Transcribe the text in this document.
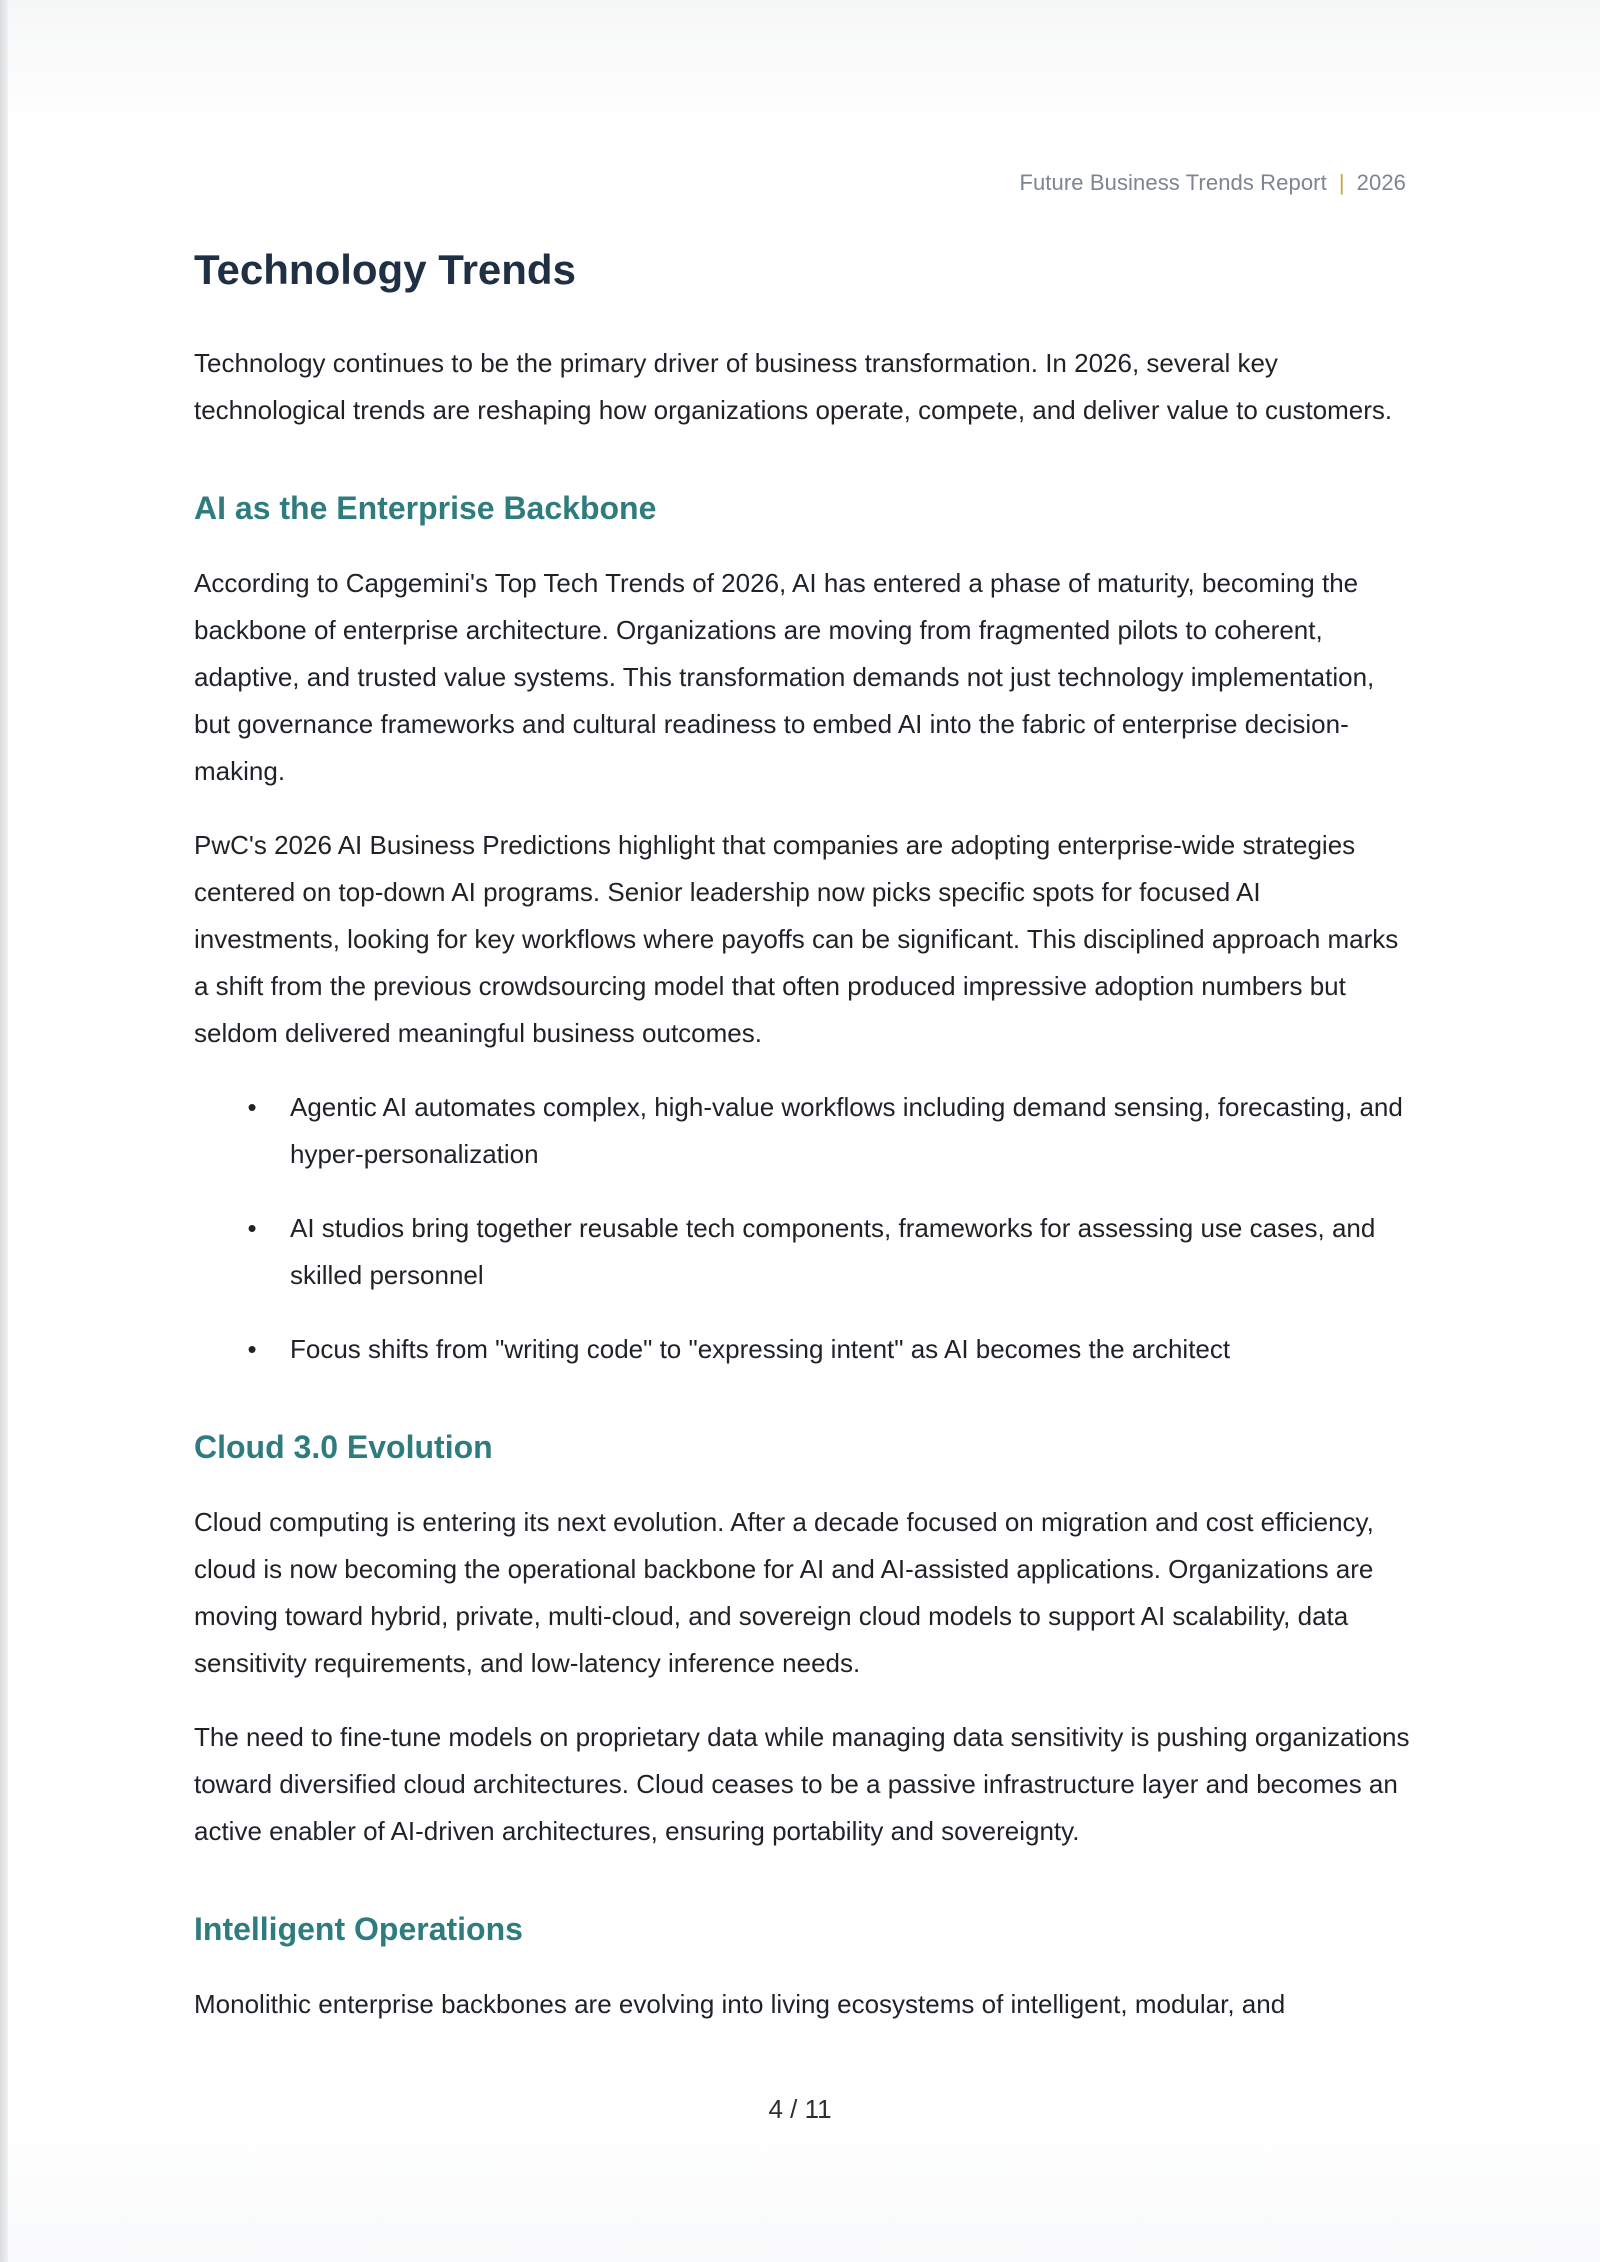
Future Business Trends Report | 2026
Technology Trends

Technology continues to be the primary driver of business transformation. In 2026, several key technological trends are reshaping how organizations operate, compete, and deliver value to customers.

AI as the Enterprise Backbone

According to Capgemini's Top Tech Trends of 2026, AI has entered a phase of maturity, becoming the backbone of enterprise architecture. Organizations are moving from fragmented pilots to coherent, adaptive, and trusted value systems. This transformation demands not just technology implementation, but governance frameworks and cultural readiness to embed AI into the fabric of enterprise decision-making.

PwC's 2026 AI Business Predictions highlight that companies are adopting enterprise-wide strategies centered on top-down AI programs. Senior leadership now picks specific spots for focused AI investments, looking for key workflows where payoffs can be significant. This disciplined approach marks a shift from the previous crowdsourcing model that often produced impressive adoption numbers but seldom delivered meaningful business outcomes.

• Agentic AI automates complex, high-value workflows including demand sensing, forecasting, and hyper-personalization
• AI studios bring together reusable tech components, frameworks for assessing use cases, and skilled personnel
• Focus shifts from "writing code" to "expressing intent" as AI becomes the architect
Cloud 3.0 Evolution

Cloud computing is entering its next evolution. After a decade focused on migration and cost efficiency, cloud is now becoming the operational backbone for AI and AI-assisted applications. Organizations are moving toward hybrid, private, multi-cloud, and sovereign cloud models to support AI scalability, data sensitivity requirements, and low-latency inference needs.

The need to fine-tune models on proprietary data while managing data sensitivity is pushing organizations toward diversified cloud architectures. Cloud ceases to be a passive infrastructure layer and becomes an active enabler of AI-driven architectures, ensuring portability and sovereignty.

Intelligent Operations

Monolithic enterprise backbones are evolving into living ecosystems of intelligent, modular, and

4 / 11
